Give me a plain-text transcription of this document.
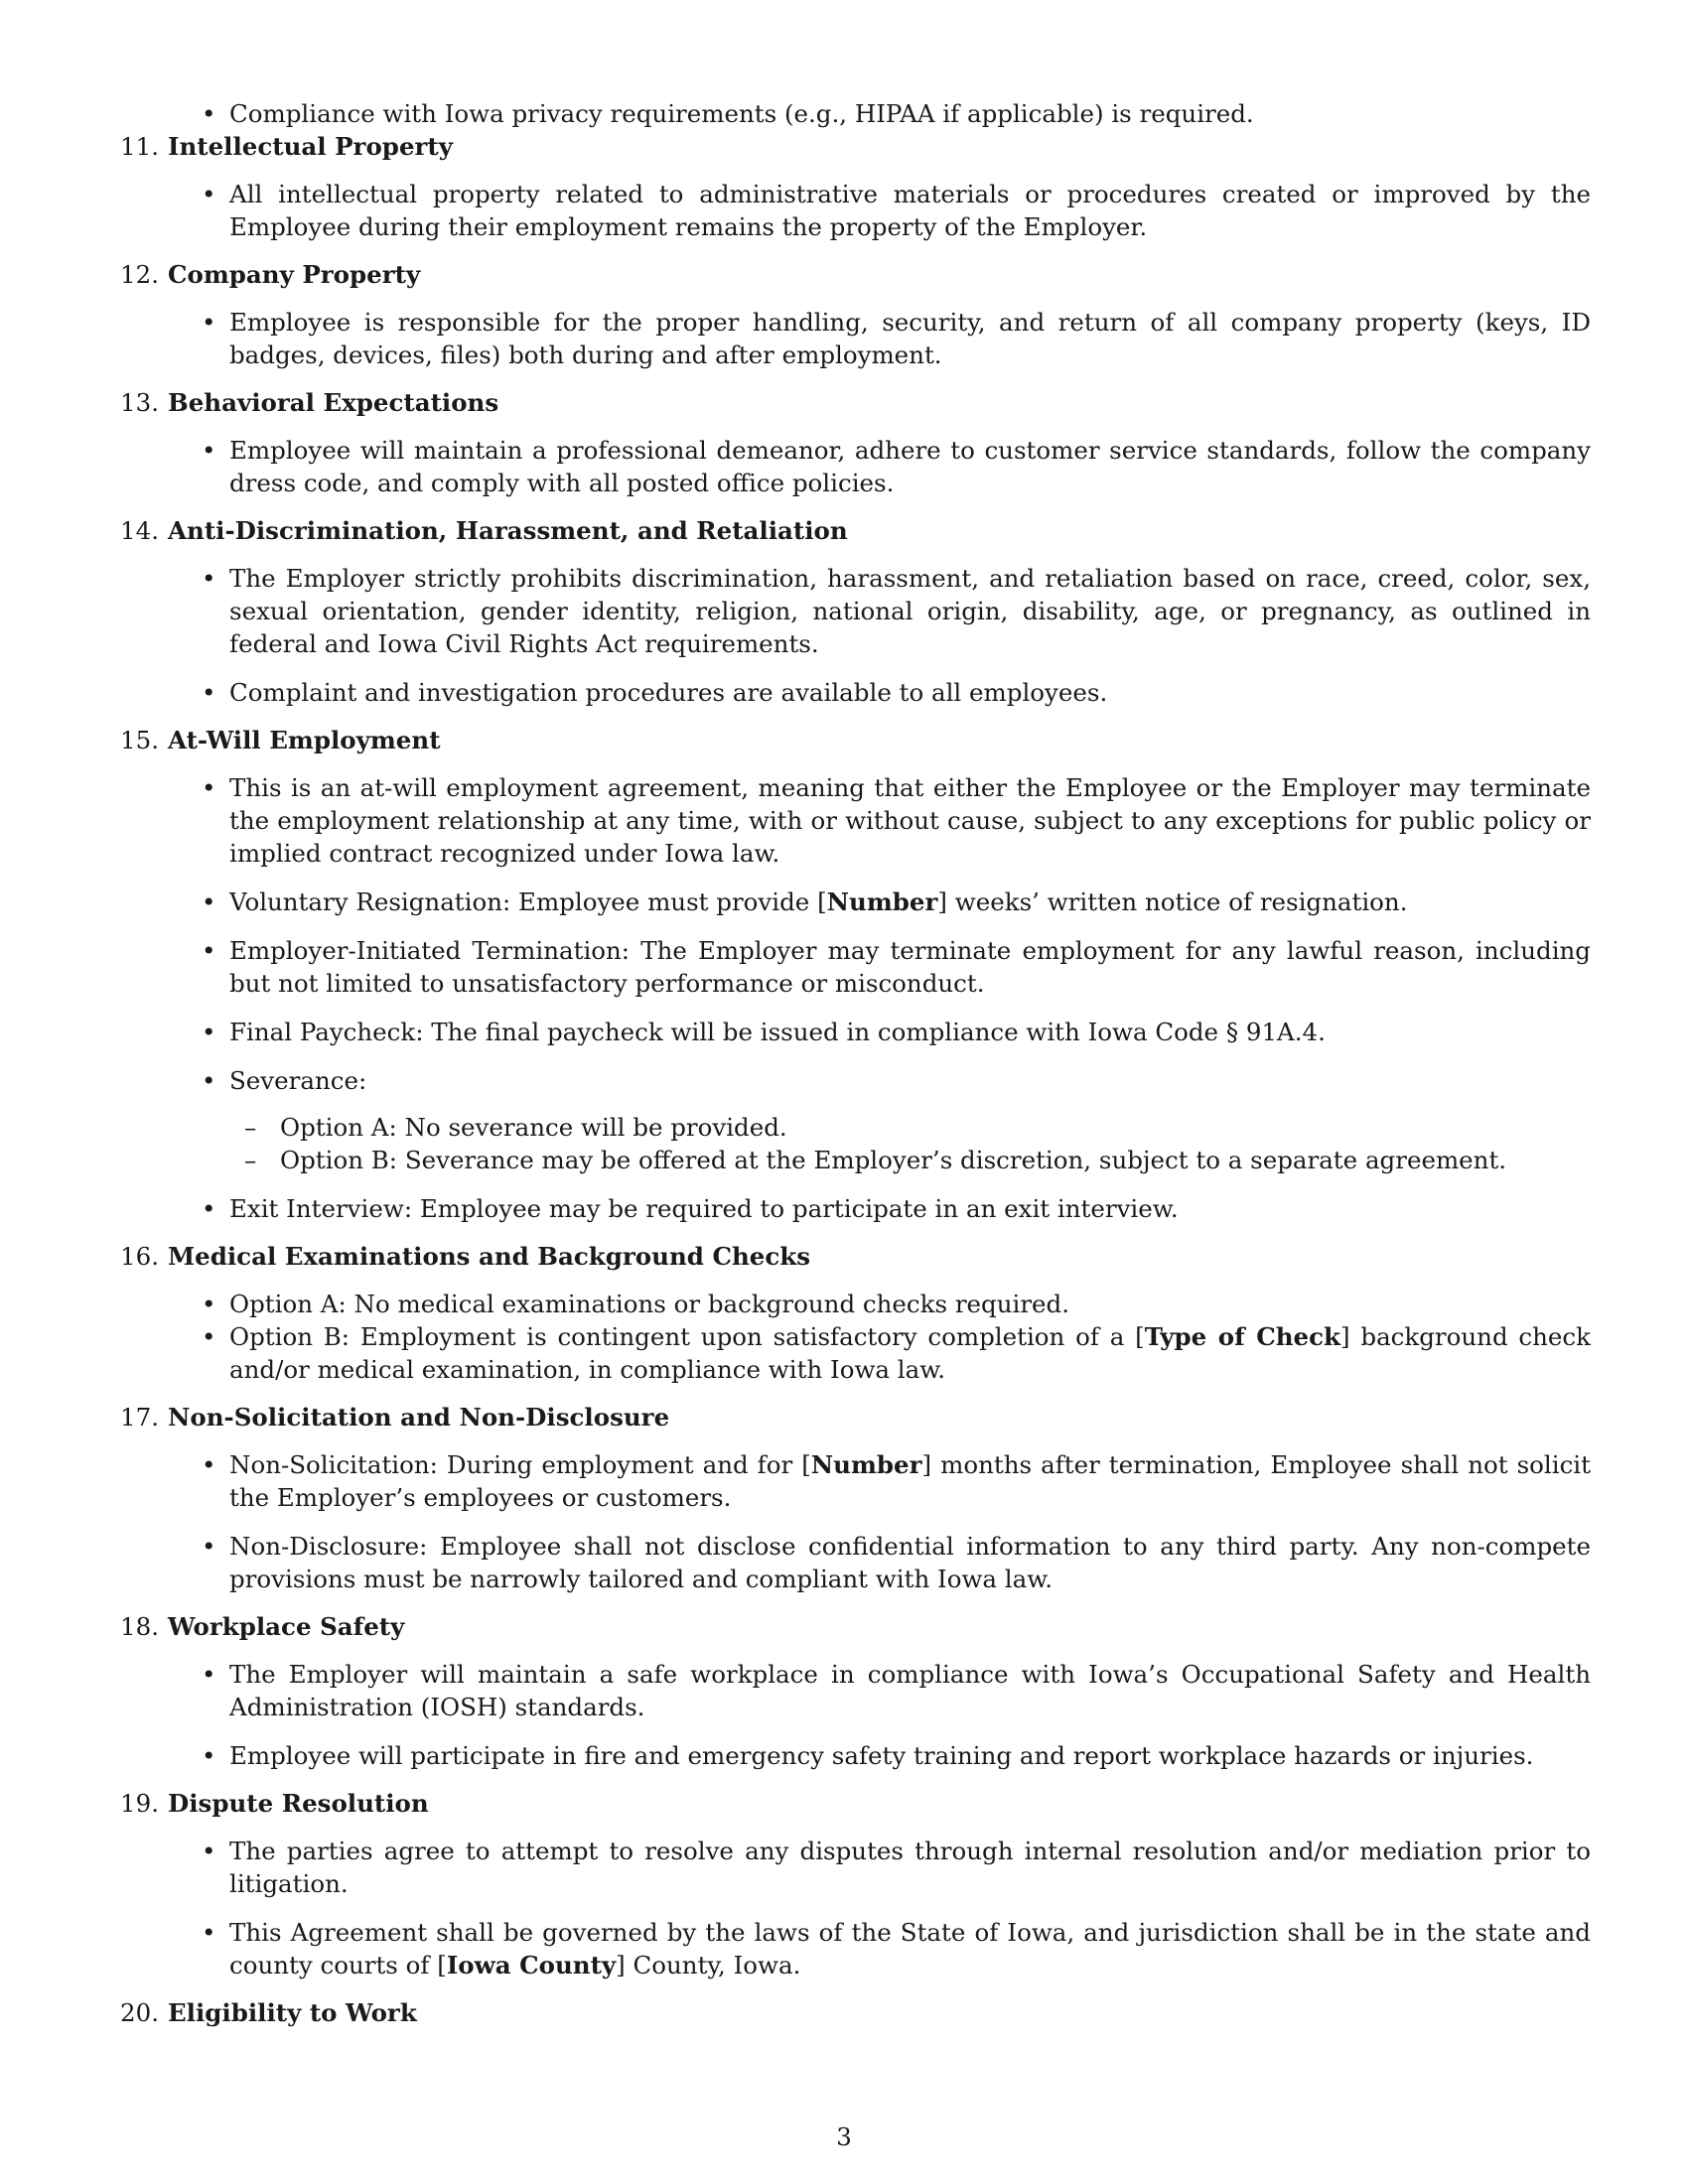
• Compliance with Iowa privacy requirements (e.g., HIPAA if applicable) is required.
11. Intellectual Property
• All intellectual property related to administrative materials or procedures created or improved by the Employee during their employment remains the property of the Employer.
12. Company Property
• Employee is responsible for the proper handling, security, and return of all company property (keys, ID badges, devices, files) both during and after employment.
13. Behavioral Expectations
• Employee will maintain a professional demeanor, adhere to customer service standards, follow the company dress code, and comply with all posted office policies.
14. Anti-Discrimination, Harassment, and Retaliation
• The Employer strictly prohibits discrimination, harassment, and retaliation based on race, creed, color, sex, sexual orientation, gender identity, religion, national origin, disability, age, or pregnancy, as outlined in federal and Iowa Civil Rights Act requirements.
• Complaint and investigation procedures are available to all employees.
15. At-Will Employment
• This is an at-will employment agreement, meaning that either the Employee or the Employer may terminate the employment relationship at any time, with or without cause, subject to any exceptions for public policy or implied contract recognized under Iowa law.
• Voluntary Resignation: Employee must provide [Number] weeks’ written notice of resignation.
• Employer-Initiated Termination: The Employer may terminate employment for any lawful reason, including but not limited to unsatisfactory performance or misconduct.
• Final Paycheck: The final paycheck will be issued in compliance with Iowa Code § 91A.4.
• Severance:
– Option A: No severance will be provided.
– Option B: Severance may be offered at the Employer’s discretion, subject to a separate agreement.
• Exit Interview: Employee may be required to participate in an exit interview.
16. Medical Examinations and Background Checks
• Option A: No medical examinations or background checks required.
• Option B: Employment is contingent upon satisfactory completion of a [Type of Check] background check and/or medical examination, in compliance with Iowa law.
17. Non-Solicitation and Non-Disclosure
• Non-Solicitation: During employment and for [Number] months after termination, Employee shall not solicit the Employer’s employees or customers.
• Non-Disclosure: Employee shall not disclose confidential information to any third party. Any non-compete provisions must be narrowly tailored and compliant with Iowa law.
18. Workplace Safety
• The Employer will maintain a safe workplace in compliance with Iowa’s Occupational Safety and Health Administration (IOSH) standards.
• Employee will participate in fire and emergency safety training and report workplace hazards or injuries.
19. Dispute Resolution
• The parties agree to attempt to resolve any disputes through internal resolution and/or mediation prior to litigation.
• This Agreement shall be governed by the laws of the State of Iowa, and jurisdiction shall be in the state and county courts of [Iowa County] County, Iowa.
20. Eligibility to Work
3
